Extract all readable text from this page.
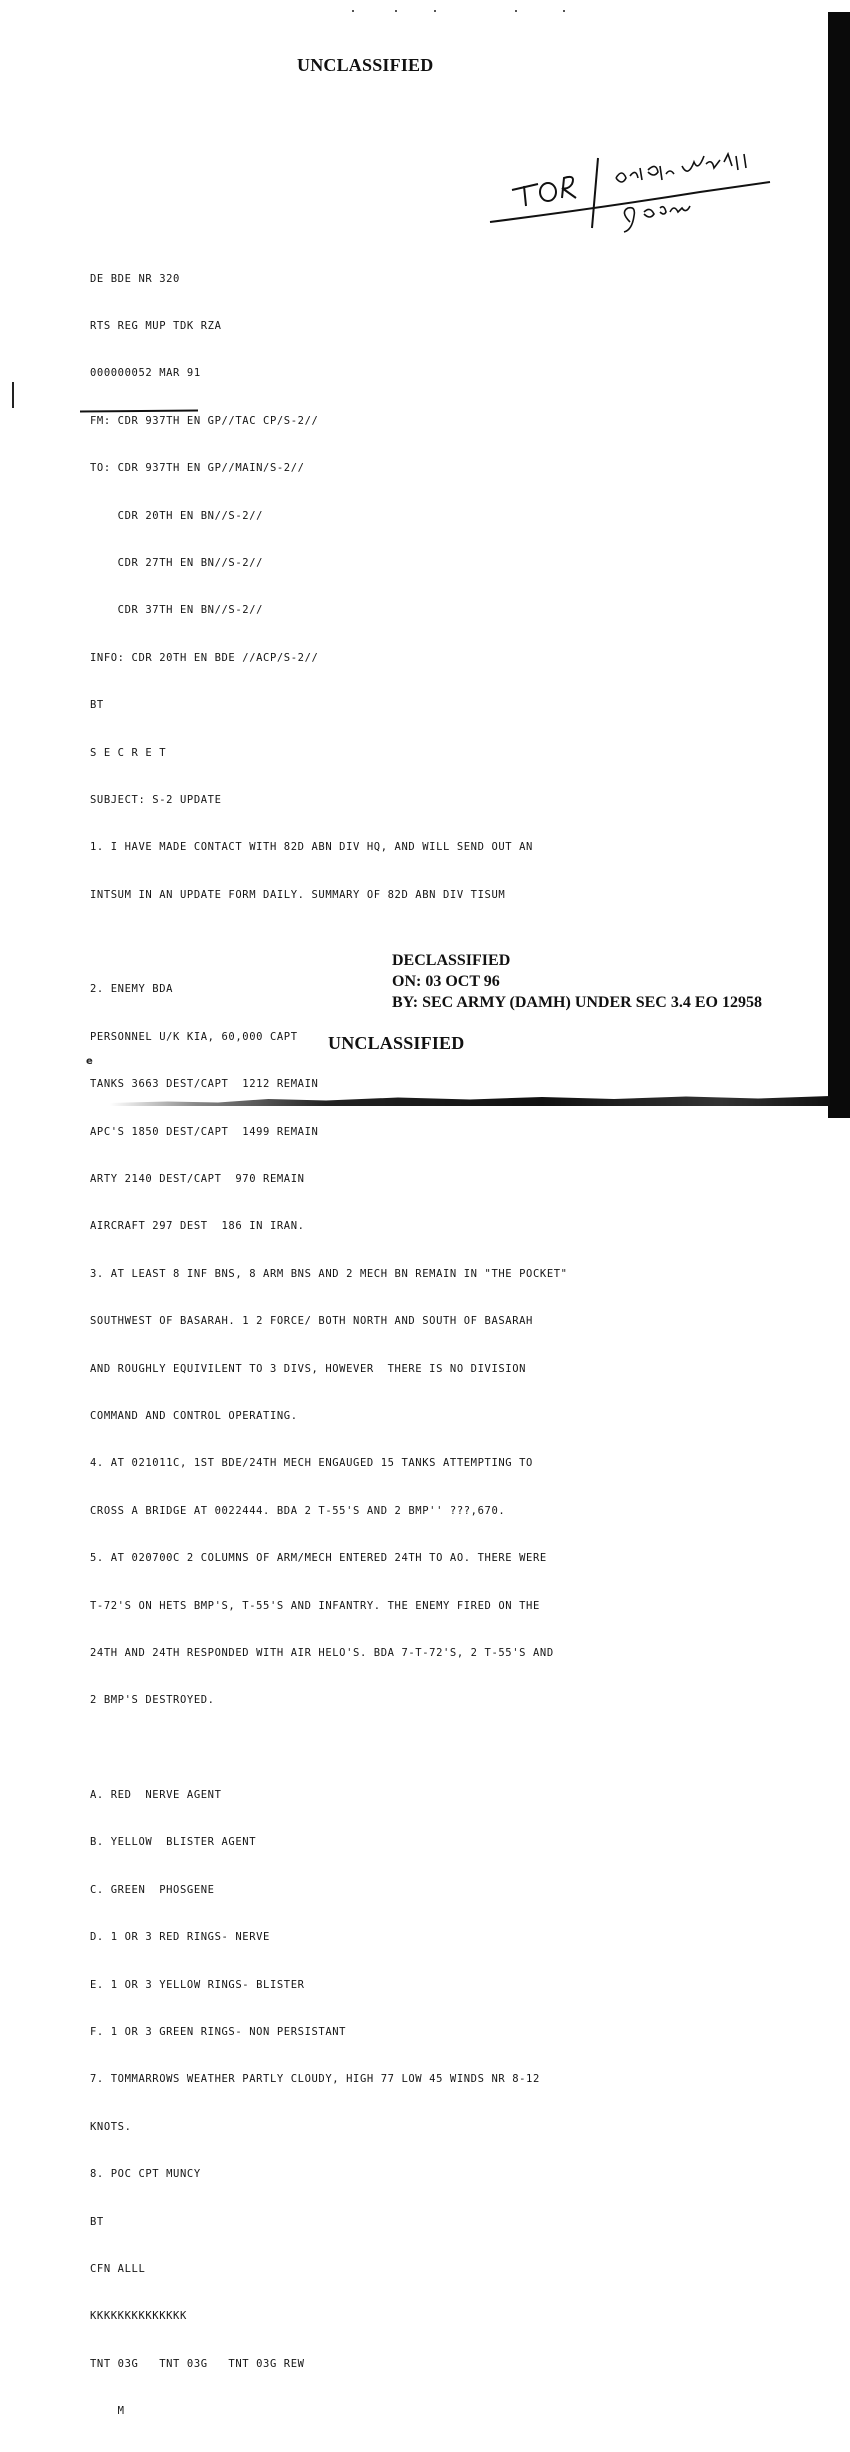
UNCLASSIFIED

DE BDE NR 320

RTS REG MUP TDK RZA

000000052 MAR 91

FM: CDR 937TH EN GP//TAC CP/S-2//

TO: CDR 937TH EN GP//MAIN/S-2//

CDR 20TH EN BN//S-2//

CDR 27TH EN BN//S-2//

CDR 37TH EN BN//S-2//

INFO: CDR 20TH EN BDE //ACP/S-2//

BT

S E C R E T

SUBJECT: S-2 UPDATE

1. I HAVE MADE CONTACT WITH 82D ABN DIV HQ, AND WILL SEND OUT AN

INTSUM IN AN UPDATE FORM DAILY. SUMMARY OF 82D ABN DIV TISUM

2. ENEMY BDA

PERSONNEL U/K KIA, 60,000 CAPT

TANKS 3663 DEST/CAPT  1212 REMAIN

APC'S 1850 DEST/CAPT  1499 REMAIN

ARTY 2140 DEST/CAPT  970 REMAIN

AIRCRAFT 297 DEST  186 IN IRAN.

3. AT LEAST 8 INF BNS, 8 ARM BNS AND 2 MECH BN REMAIN IN "THE POCKET"

SOUTHWEST OF BASARAH. 1 2 FORCE/ BOTH NORTH AND SOUTH OF BASARAH

AND ROUGHLY EQUIVILENT TO 3 DIVS, HOWEVER  THERE IS NO DIVISION

COMMAND AND CONTROL OPERATING.

4. AT 021011C, 1ST BDE/24TH MECH ENGAUGED 15 TANKS ATTEMPTING TO

CROSS A BRIDGE AT 0022444. BDA 2 T-55'S AND 2 BMP'' ???,670.

5. AT 020700C 2 COLUMNS OF ARM/MECH ENTERED 24TH TO AO. THERE WERE

T-72'S ON HETS BMP'S, T-55'S AND INFANTRY. THE ENEMY FIRED ON THE

24TH AND 24TH RESPONDED WITH AIR HELO'S. BDA 7-T-72'S, 2 T-55'S AND

2 BMP'S DESTROYED.

A. RED  NERVE AGENT

B. YELLOW  BLISTER AGENT

C. GREEN  PHOSGENE

D. 1 OR 3 RED RINGS- NERVE

E. 1 OR 3 YELLOW RINGS- BLISTER

F. 1 OR 3 GREEN RINGS- NON PERSISTANT

7. TOMMARROWS WEATHER PARTLY CLOUDY, HIGH 77 LOW 45 WINDS NR 8-12

KNOTS.

8. POC CPT MUNCY

BT

CFN ALLL

KKKKKKKKKKKKKK

TNT 03G   TNT 03G   TNT 03G REW

M

DECLASSIFIED
ON: 03 OCT 96
BY: SEC ARMY (DAMH) UNDER SEC 3.4 EO 12958
UNCLASSIFIED
e
